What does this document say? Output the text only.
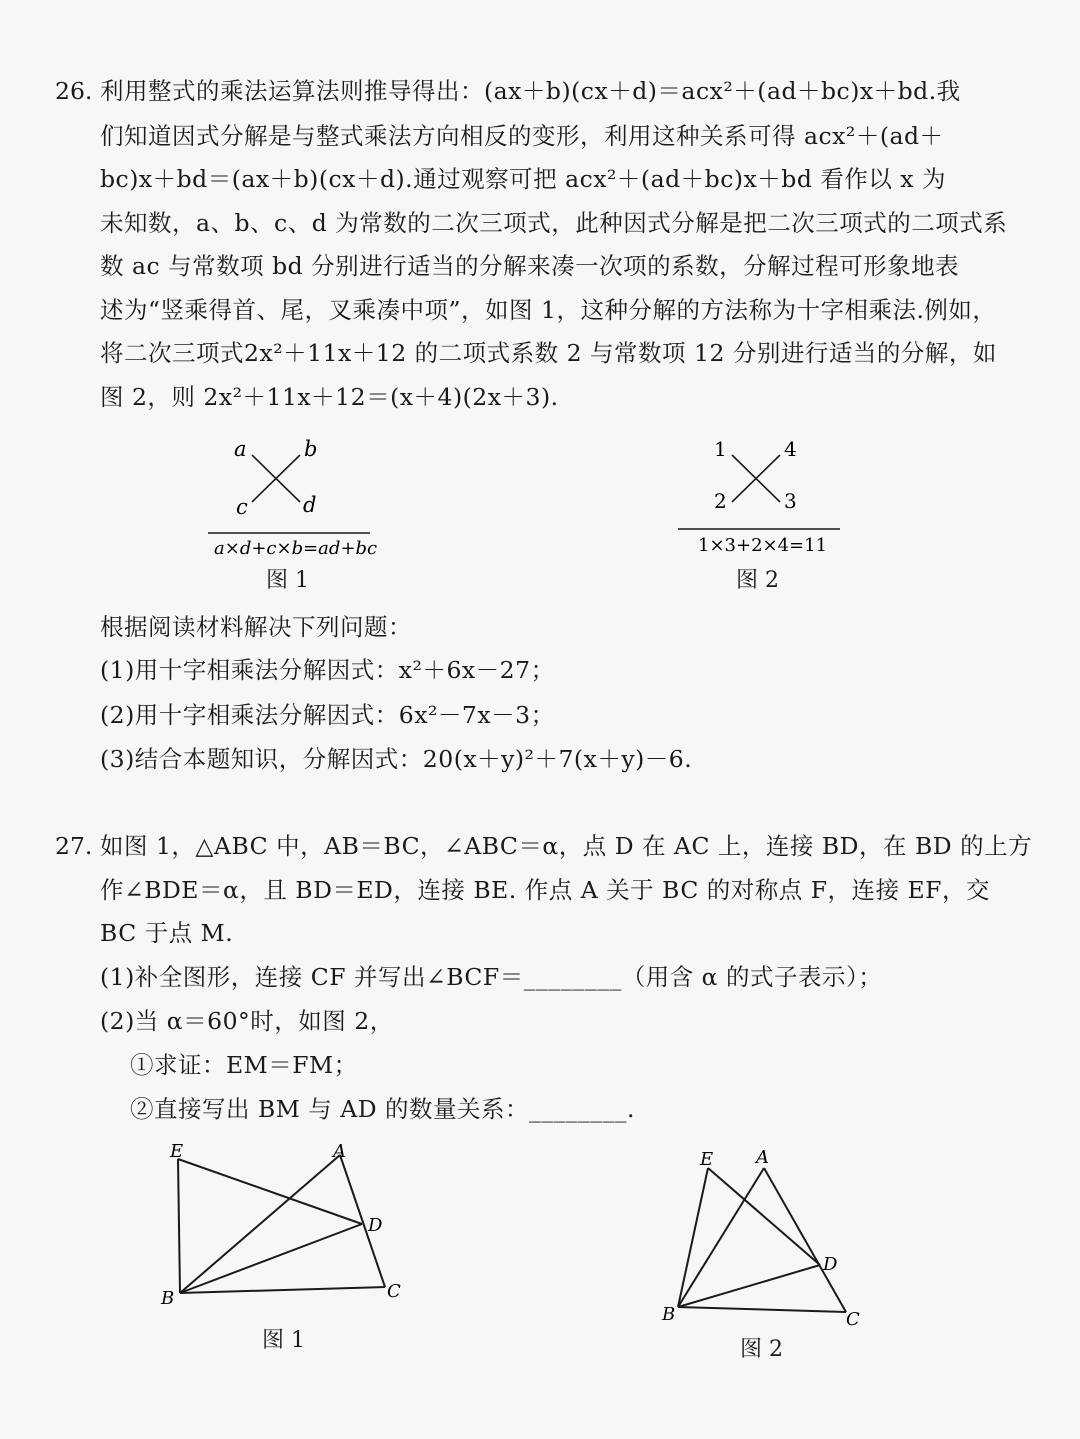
26. 利用整式的乘法运算法则推导得出：(ax＋b)(cx＋d)＝acx²＋(ad＋bc)x＋bd.我
们知道因式分解是与整式乘法方向相反的变形，利用这种关系可得 acx²＋(ad＋
bc)x＋bd＝(ax＋b)(cx＋d).通过观察可把 acx²＋(ad＋bc)x＋bd 看作以 x 为
未知数，a、b、c、d 为常数的二次三项式，此种因式分解是把二次三项式的二项式系
数 ac 与常数项 bd 分别进行适当的分解来凑一次项的系数，分解过程可形象地表
述为“竖乘得首、尾，叉乘凑中项”，如图 1，这种分解的方法称为十字相乘法.例如，
将二次三项式2x²＋11x＋12 的二项式系数 2 与常数项 12 分别进行适当的分解，如
图 2，则 2x²＋11x＋12＝(x＋4)(2x＋3).
a	b
c	d
a×d+c×b=ad+bc
图 1
1	4
2	3
1×3+2×4=11
图 2
根据阅读材料解决下列问题：
(1)用十字相乘法分解因式：x²＋6x－27；
(2)用十字相乘法分解因式：6x²－7x－3；
(3)结合本题知识，分解因式：20(x＋y)²＋7(x＋y)－6.
27. 如图 1，△ABC 中，AB＝BC，∠ABC＝α，点 D 在 AC 上，连接 BD，在 BD 的上方
作∠BDE＝α，且 BD＝ED，连接 BE. 作点 A 关于 BC 的对称点 F，连接 EF，交
BC 于点 M.
(1)补全图形，连接 CF 并写出∠BCF＝________（用含 α 的式子表示）；
(2)当 α＝60°时，如图 2，
①求证：EM＝FM；
②直接写出 BM 与 AD 的数量关系：________.
E	A
D
B	C
图 1
E A
D
B	C
图 2
